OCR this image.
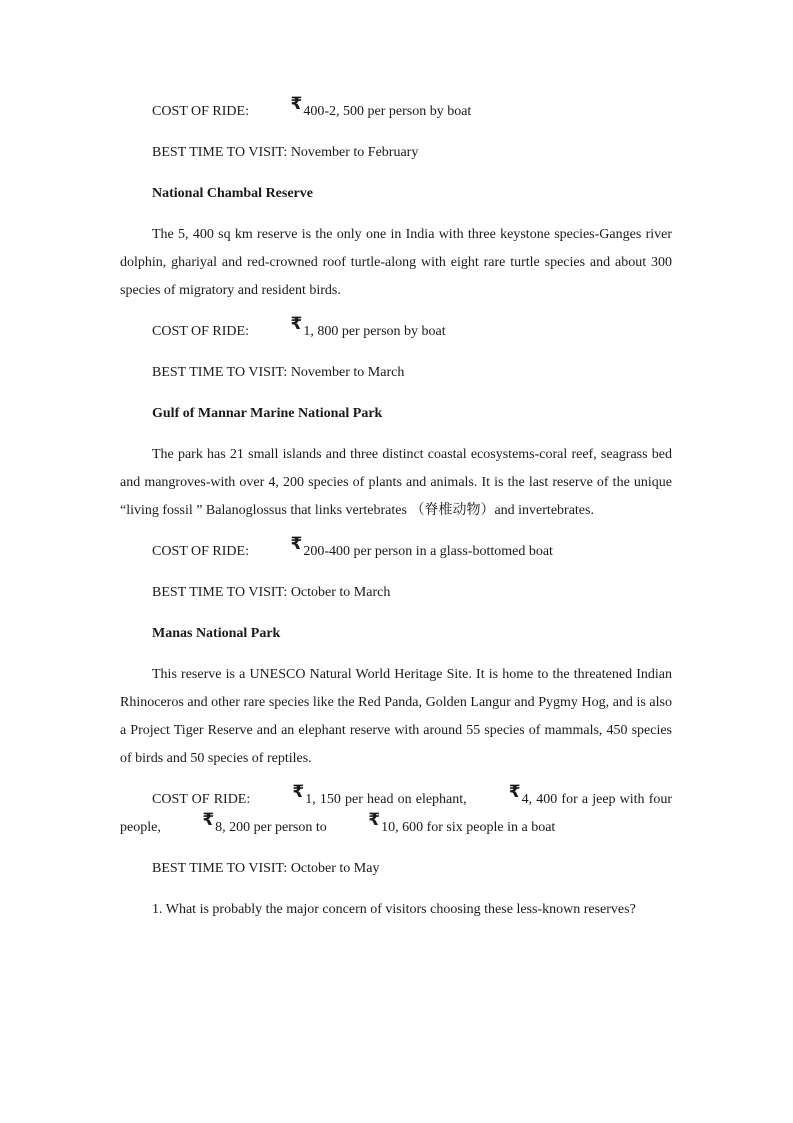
COST OF RIDE: ₹400-2, 500 per person by boat

BEST TIME TO VISIT: November to February

National Chambal Reserve

The 5, 400 sq km reserve is the only one in India with three keystone species-Ganges river dolphin, ghariyal and red-crowned roof turtle-along with eight rare turtle species and about 300 species of migratory and resident birds.

COST OF RIDE: ₹1, 800 per person by boat

BEST TIME TO VISIT: November to March

Gulf of Mannar Marine National Park

The park has 21 small islands and three distinct coastal ecosystems-coral reef, seagrass bed and mangroves-with over 4, 200 species of plants and animals. It is the last reserve of the unique “living fossil ” Balanoglossus that links vertebrates （脊椎动物）and invertebrates.

COST OF RIDE: ₹200-400 per person in a glass-bottomed boat

BEST TIME TO VISIT: October to March

Manas National Park

This reserve is a UNESCO Natural World Heritage Site. It is home to the threatened Indian Rhinoceros and other rare species like the Red Panda, Golden Langur and Pygmy Hog, and is also a Project Tiger Reserve and an elephant reserve with around 55 species of mammals, 450 species of birds and 50 species of reptiles.

COST OF RIDE: ₹1, 150 per head on elephant, ₹4, 400 for a jeep with four people, ₹8, 200 per person to ₹10, 600 for six people in a boat

BEST TIME TO VISIT: October to May

1. What is probably the major concern of visitors choosing these less-known reserves?
